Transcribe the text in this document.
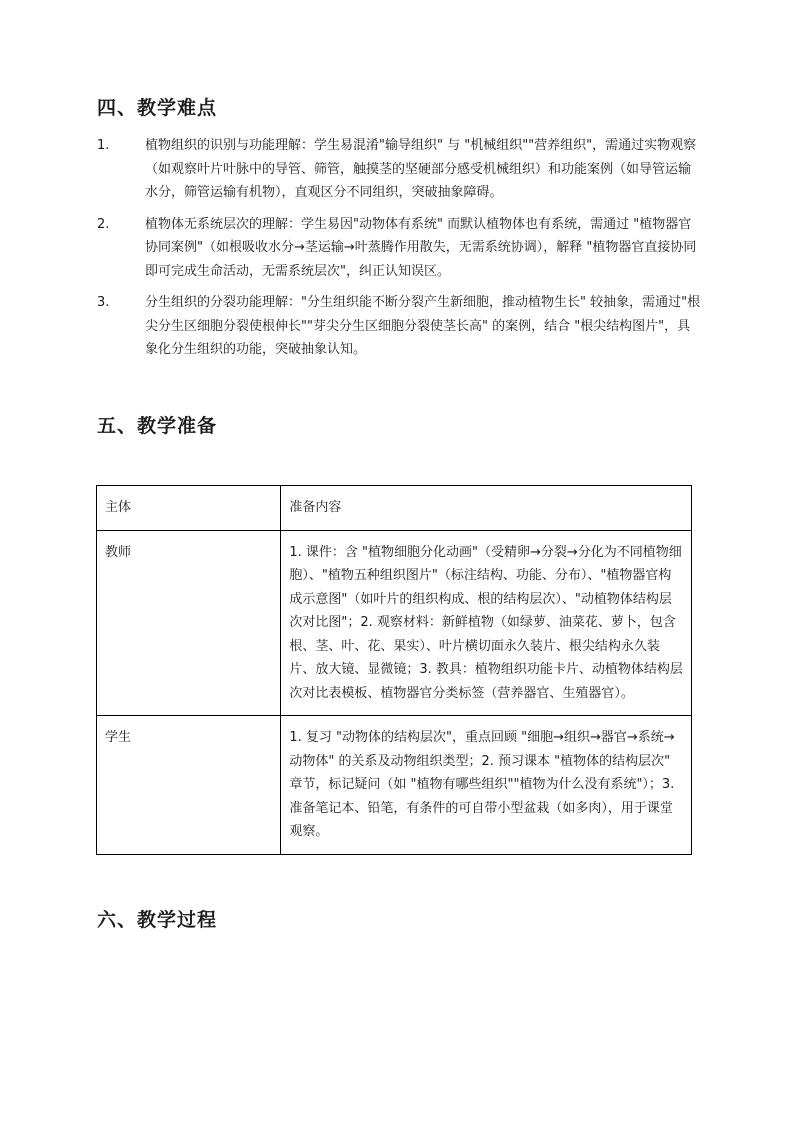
四、教学难点
1.	植物组织的识别与功能理解：学生易混淆"输导组织" 与 "机械组织""营养组织"，需通过实物观察（如观察叶片叶脉中的导管、筛管，触摸茎的坚硬部分感受机械组织）和功能案例（如导管运输水分，筛管运输有机物），直观区分不同组织，突破抽象障碍。
2.	植物体无系统层次的理解：学生易因"动物体有系统" 而默认植物体也有系统，需通过 "植物器官协同案例"（如根吸收水分→茎运输→叶蒸腾作用散失，无需系统协调），解释 "植物器官直接协同即可完成生命活动，无需系统层次"，纠正认知误区。
3.	分生组织的分裂功能理解："分生组织能不断分裂产生新细胞，推动植物生长" 较抽象，需通过"根尖分生区细胞分裂使根伸长""芽尖分生区细胞分裂使茎长高" 的案例，结合 "根尖结构图片"，具象化分生组织的功能，突破抽象认知。
五、教学准备
主体	准备内容
教师	1. 课件：含 "植物细胞分化动画"（受精卵→分裂→分化为不同植物细胞）、"植物五种组织图片"（标注结构、功能、分布）、"植物器官构成示意图"（如叶片的组织构成、根的结构层次）、"动植物体结构层次对比图"；2. 观察材料：新鲜植物（如绿萝、油菜花、萝卜，包含根、茎、叶、花、果实）、叶片横切面永久装片、根尖结构永久装片、放大镜、显微镜；3. 教具：植物组织功能卡片、动植物体结构层次对比表模板、植物器官分类标签（营养器官、生殖器官）。
学生	1. 复习 "动物体的结构层次"，重点回顾 "细胞→组织→器官→系统→动物体" 的关系及动物组织类型；2. 预习课本 "植物体的结构层次" 章节，标记疑问（如 "植物有哪些组织""植物为什么没有系统"）；3. 准备笔记本、铅笔，有条件的可自带小型盆栽（如多肉），用于课堂观察。
六、教学过程
